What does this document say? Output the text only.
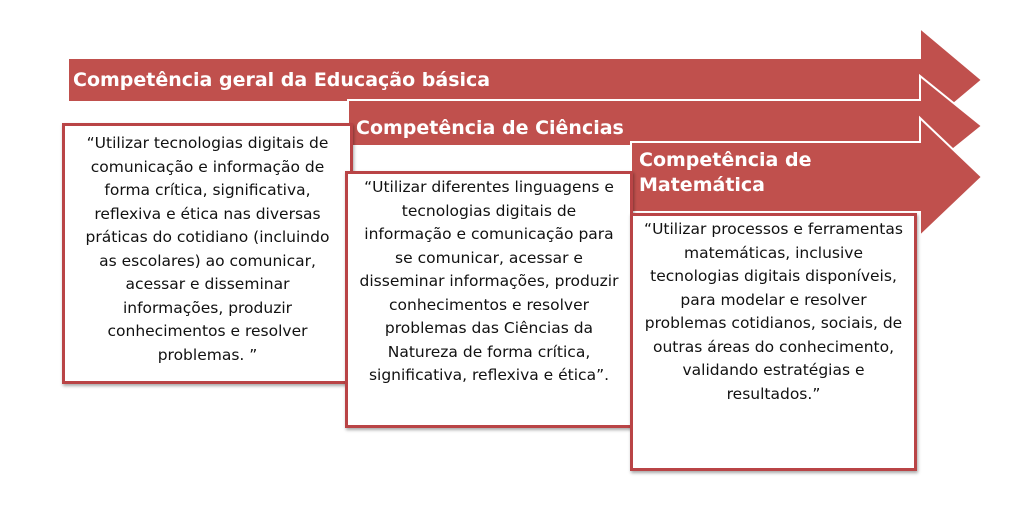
Competência geral da Educação básica
Competência de Ciências
Competência de Matemática

“Utilizar tecnologias digitais de comunicação e informação de forma crítica, significativa, reflexiva e ética nas diversas práticas do cotidiano (incluindo as escolares) ao comunicar, acessar e disseminar informações, produzir conhecimentos e resolver problemas. ”

“Utilizar diferentes linguagens e tecnologias digitais de informação e comunicação para se comunicar, acessar e disseminar informações, produzir conhecimentos e resolver problemas das Ciências da Natureza de forma crítica, significativa, reflexiva e ética”.

“Utilizar processos e ferramentas matemáticas, inclusive tecnologias digitais disponíveis, para modelar e resolver problemas cotidianos, sociais, de outras áreas do conhecimento, validando estratégias e resultados.”
